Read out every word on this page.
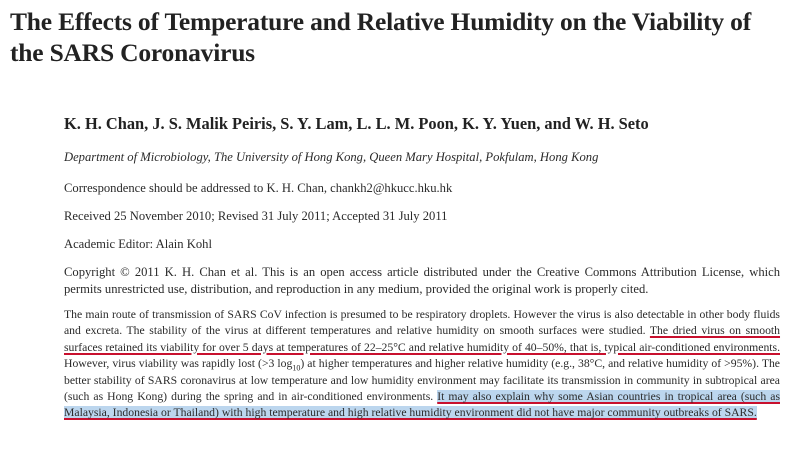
The Effects of Temperature and Relative Humidity on the Viability of the SARS Coronavirus
K. H. Chan, J. S. Malik Peiris, S. Y. Lam, L. L. M. Poon, K. Y. Yuen, and W. H. Seto
Department of Microbiology, The University of Hong Kong, Queen Mary Hospital, Pokfulam, Hong Kong
Correspondence should be addressed to K. H. Chan, chankh2@hkucc.hku.hk
Received 25 November 2010; Revised 31 July 2011; Accepted 31 July 2011
Academic Editor: Alain Kohl
Copyright © 2011 K. H. Chan et al. This is an open access article distributed under the Creative Commons Attribution License, which permits unrestricted use, distribution, and reproduction in any medium, provided the original work is properly cited.
The main route of transmission of SARS CoV infection is presumed to be respiratory droplets. However the virus is also detectable in other body fluids and excreta. The stability of the virus at different temperatures and relative humidity on smooth surfaces were studied. The dried virus on smooth surfaces retained its viability for over 5 days at temperatures of 22–25°C and relative humidity of 40–50%, that is, typical air-conditioned environments. However, virus viability was rapidly lost (>3 $\log_{10}$) at higher temperatures and higher relative humidity (e.g., 38°C, and relative humidity of >95%). The better stability of SARS coronavirus at low temperature and low humidity environment may facilitate its transmission in community in subtropical area (such as Hong Kong) during the spring and in air-conditioned environments. It may also explain why some Asian countries in tropical area (such as Malaysia, Indonesia or Thailand) with high temperature and high relative humidity environment did not have major community outbreaks of SARS.
